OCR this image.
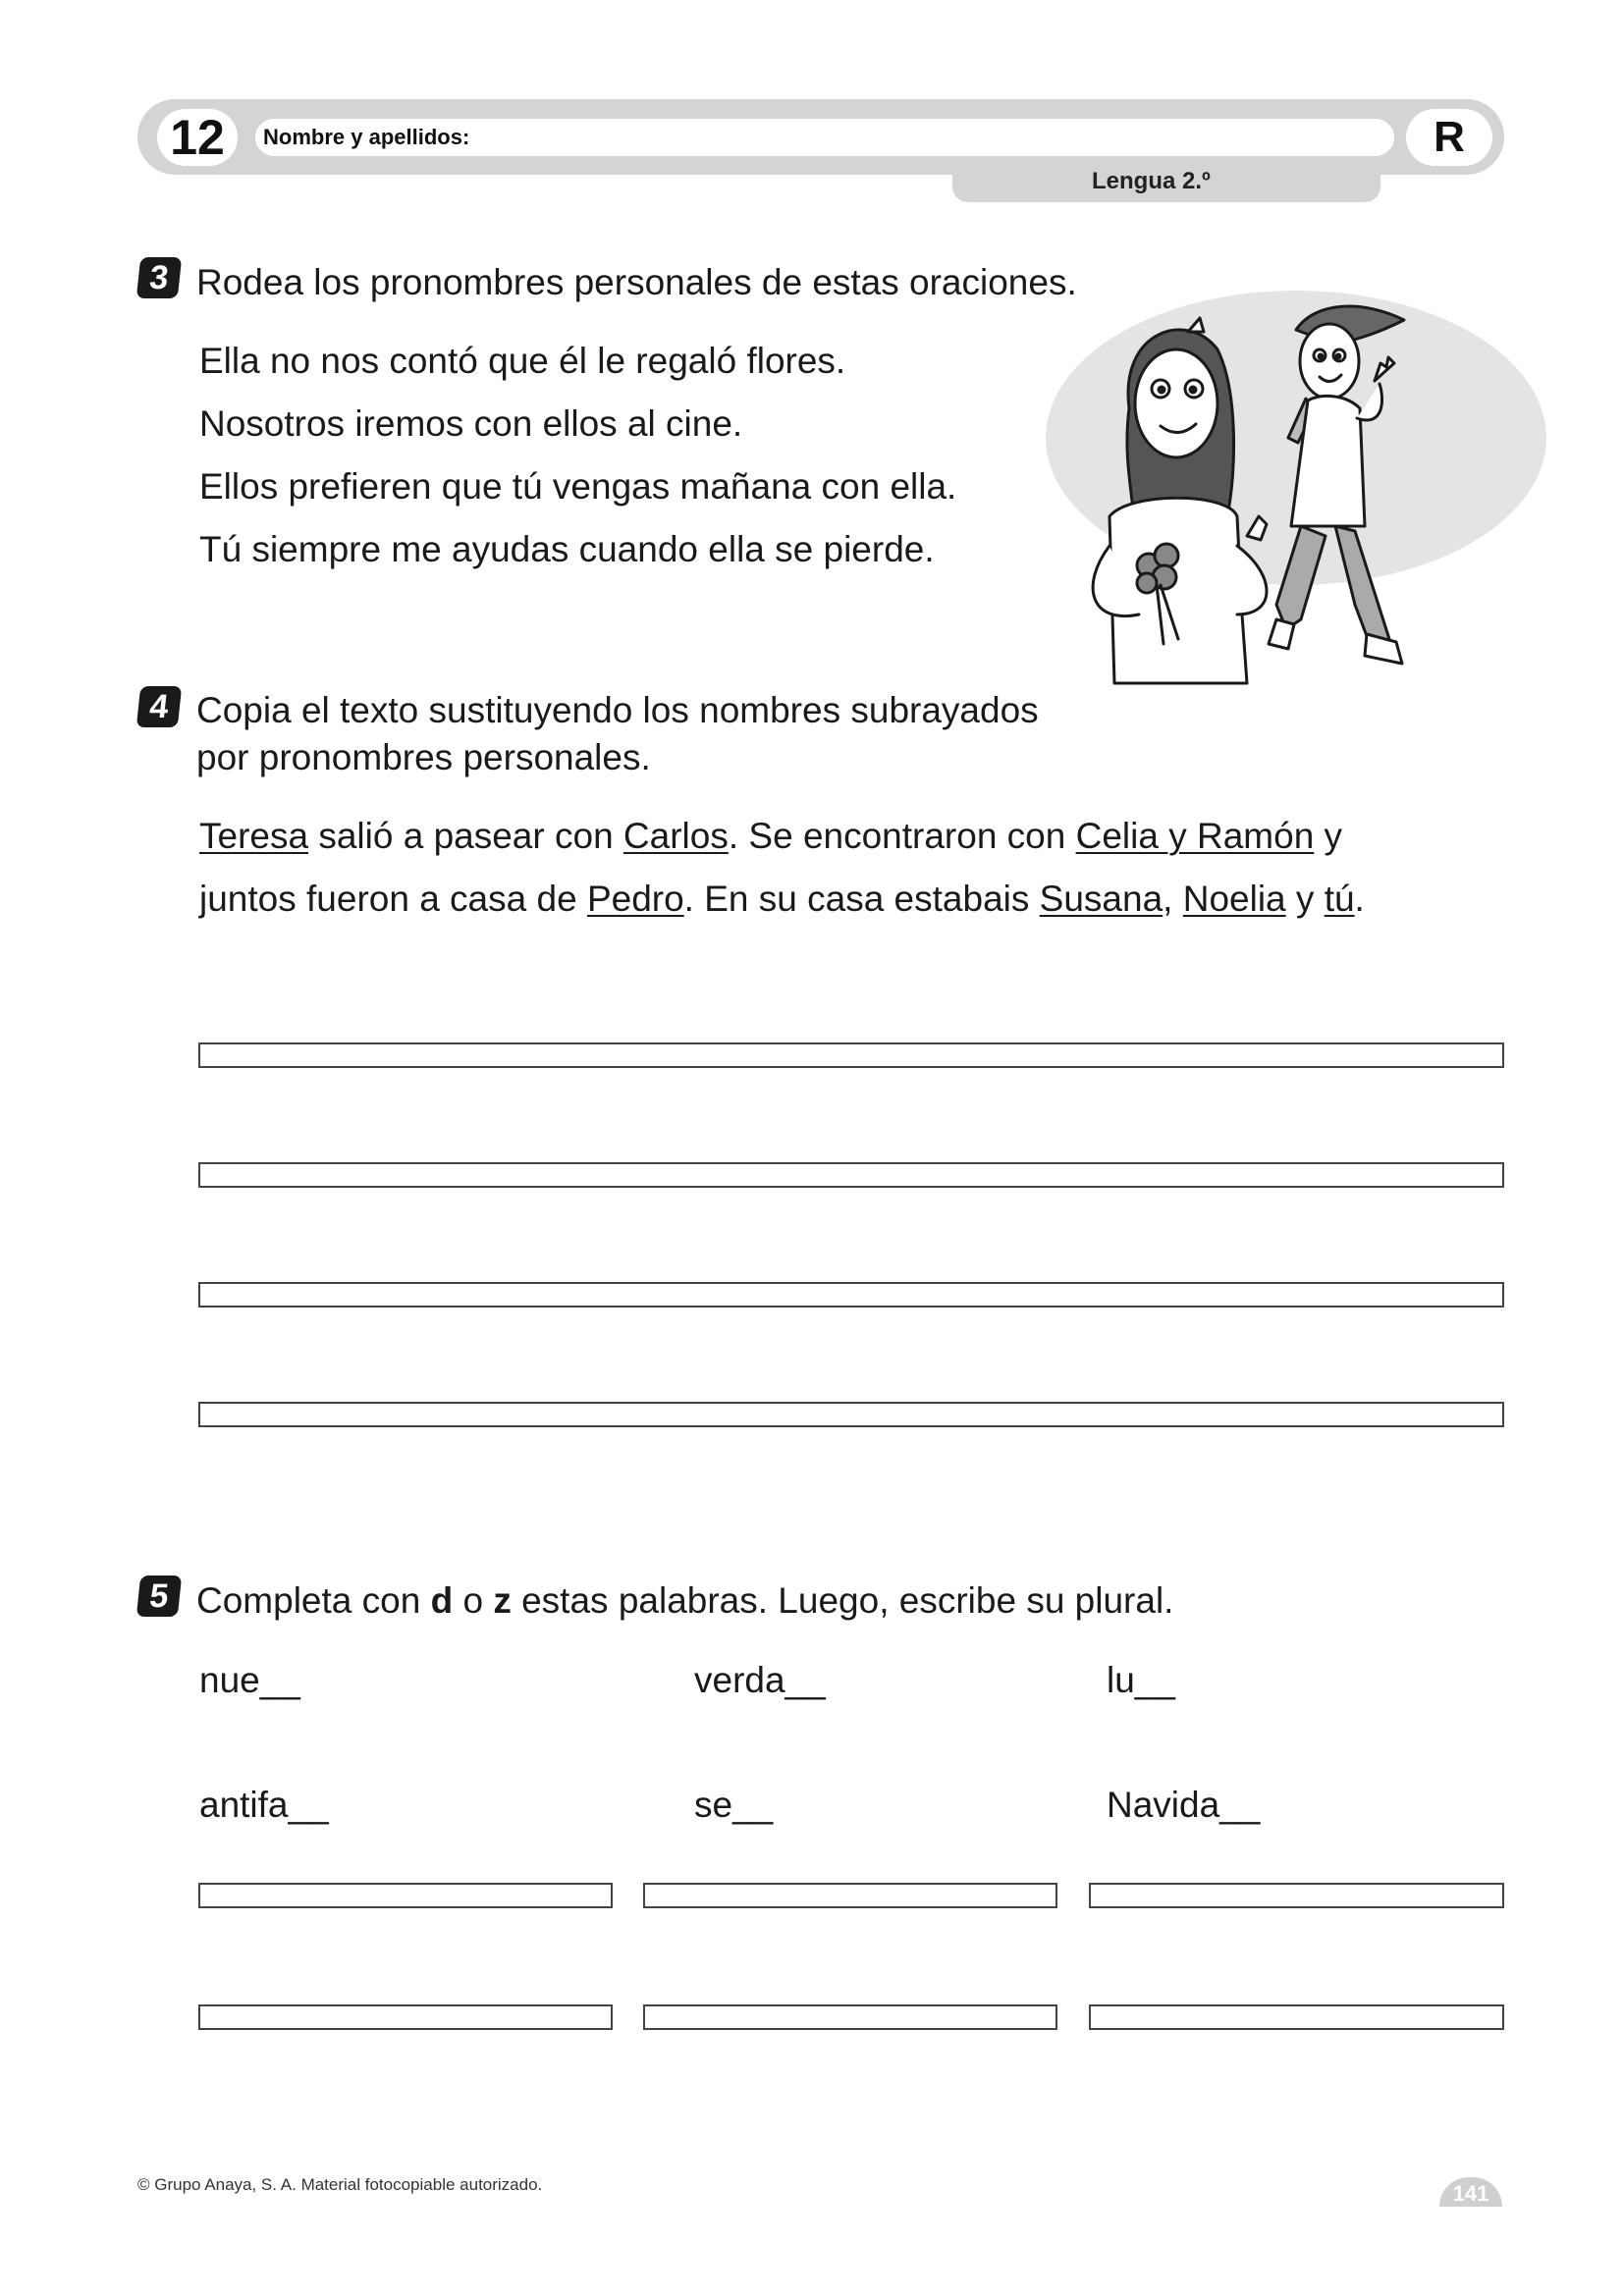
12	Nombre y apellidos:	R
Lengua 2.º
3 Rodea los pronombres personales de estas oraciones.
Ella no nos contó que él le regaló flores.
Nosotros iremos con ellos al cine.
Ellos prefieren que tú vengas mañana con ella.
Tú siempre me ayudas cuando ella se pierde.
4 Copia el texto sustituyendo los nombres subrayados
por pronombres personales.
Teresa salió a pasear con Carlos. Se encontraron con Celia y Ramón y
juntos fueron a casa de Pedro. En su casa estabais Susana, Noelia y tú.
5 Completa con d o z estas palabras. Luego, escribe su plural.
nue__	verda__	lu__
antifa__	se__	Navida__
© Grupo Anaya, S. A. Material fotocopiable autorizado.	141
